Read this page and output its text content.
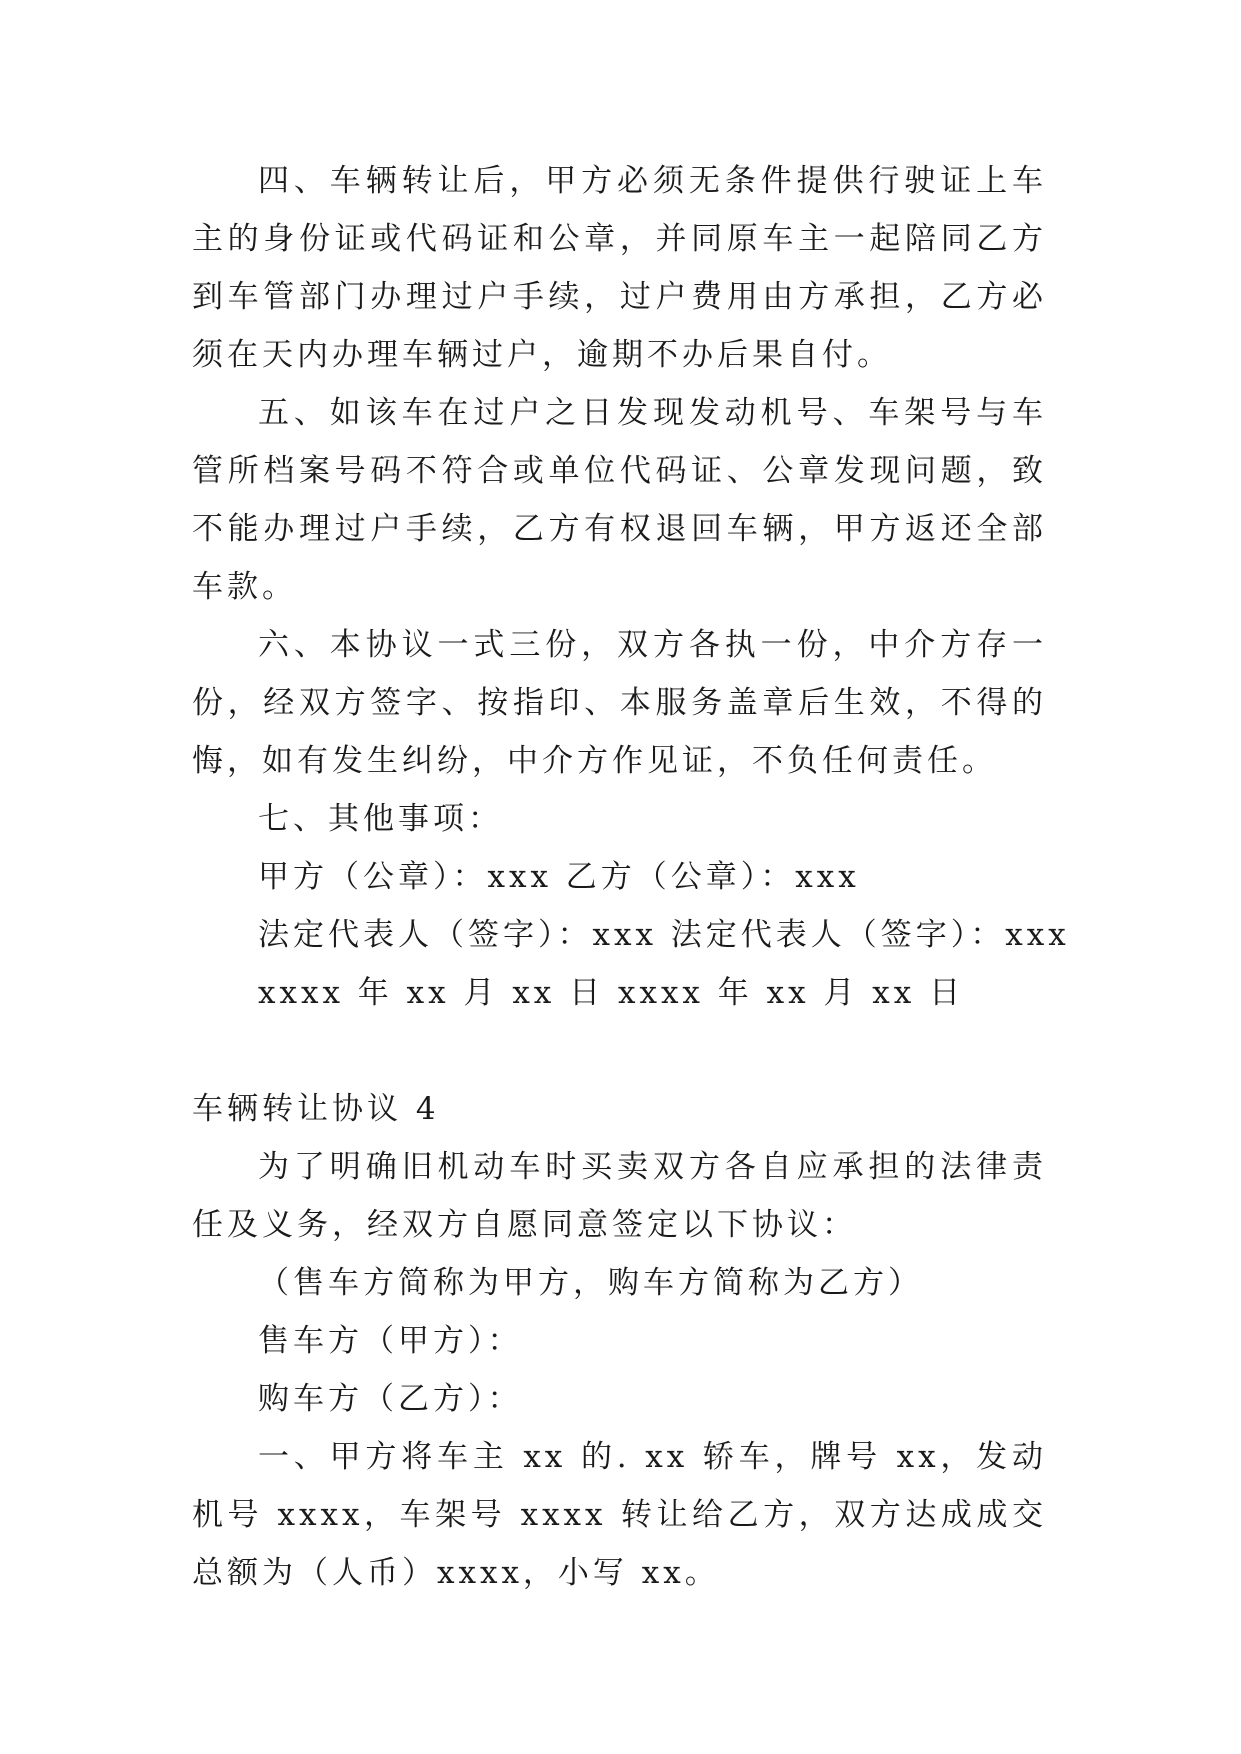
四、车辆转让后，甲方必须无条件提供行驶证上车主的身份证或代码证和公章，并同原车主一起陪同乙方到车管部门办理过户手续，过户费用由方承担，乙方必须在天内办理车辆过户，逾期不办后果自付。

五、如该车在过户之日发现发动机号、车架号与车管所档案号码不符合或单位代码证、公章发现问题，致不能办理过户手续，乙方有权退回车辆，甲方返还全部车款。

六、本协议一式三份，双方各执一份，中介方存一份，经双方签字、按指印、本服务盖章后生效，不得的悔，如有发生纠纷，中介方作见证，不负任何责任。

七、其他事项：

甲方（公章）：xxx 乙方（公章）：xxx

法定代表人（签字）：xxx 法定代表人（签字）：xxx

xxxx 年 xx 月 xx 日 xxxx 年 xx 月 xx 日

车辆转让协议 4

为了明确旧机动车时买卖双方各自应承担的法律责任及义务，经双方自愿同意签定以下协议：

（售车方简称为甲方，购车方简称为乙方）

售车方（甲方）：

购车方（乙方）：

一、甲方将车主 xx 的. xx 轿车，牌号 xx，发动机号 xxxx，车架号 xxxx 转让给乙方，双方达成成交总额为（人币）xxxx，小写 xx。
